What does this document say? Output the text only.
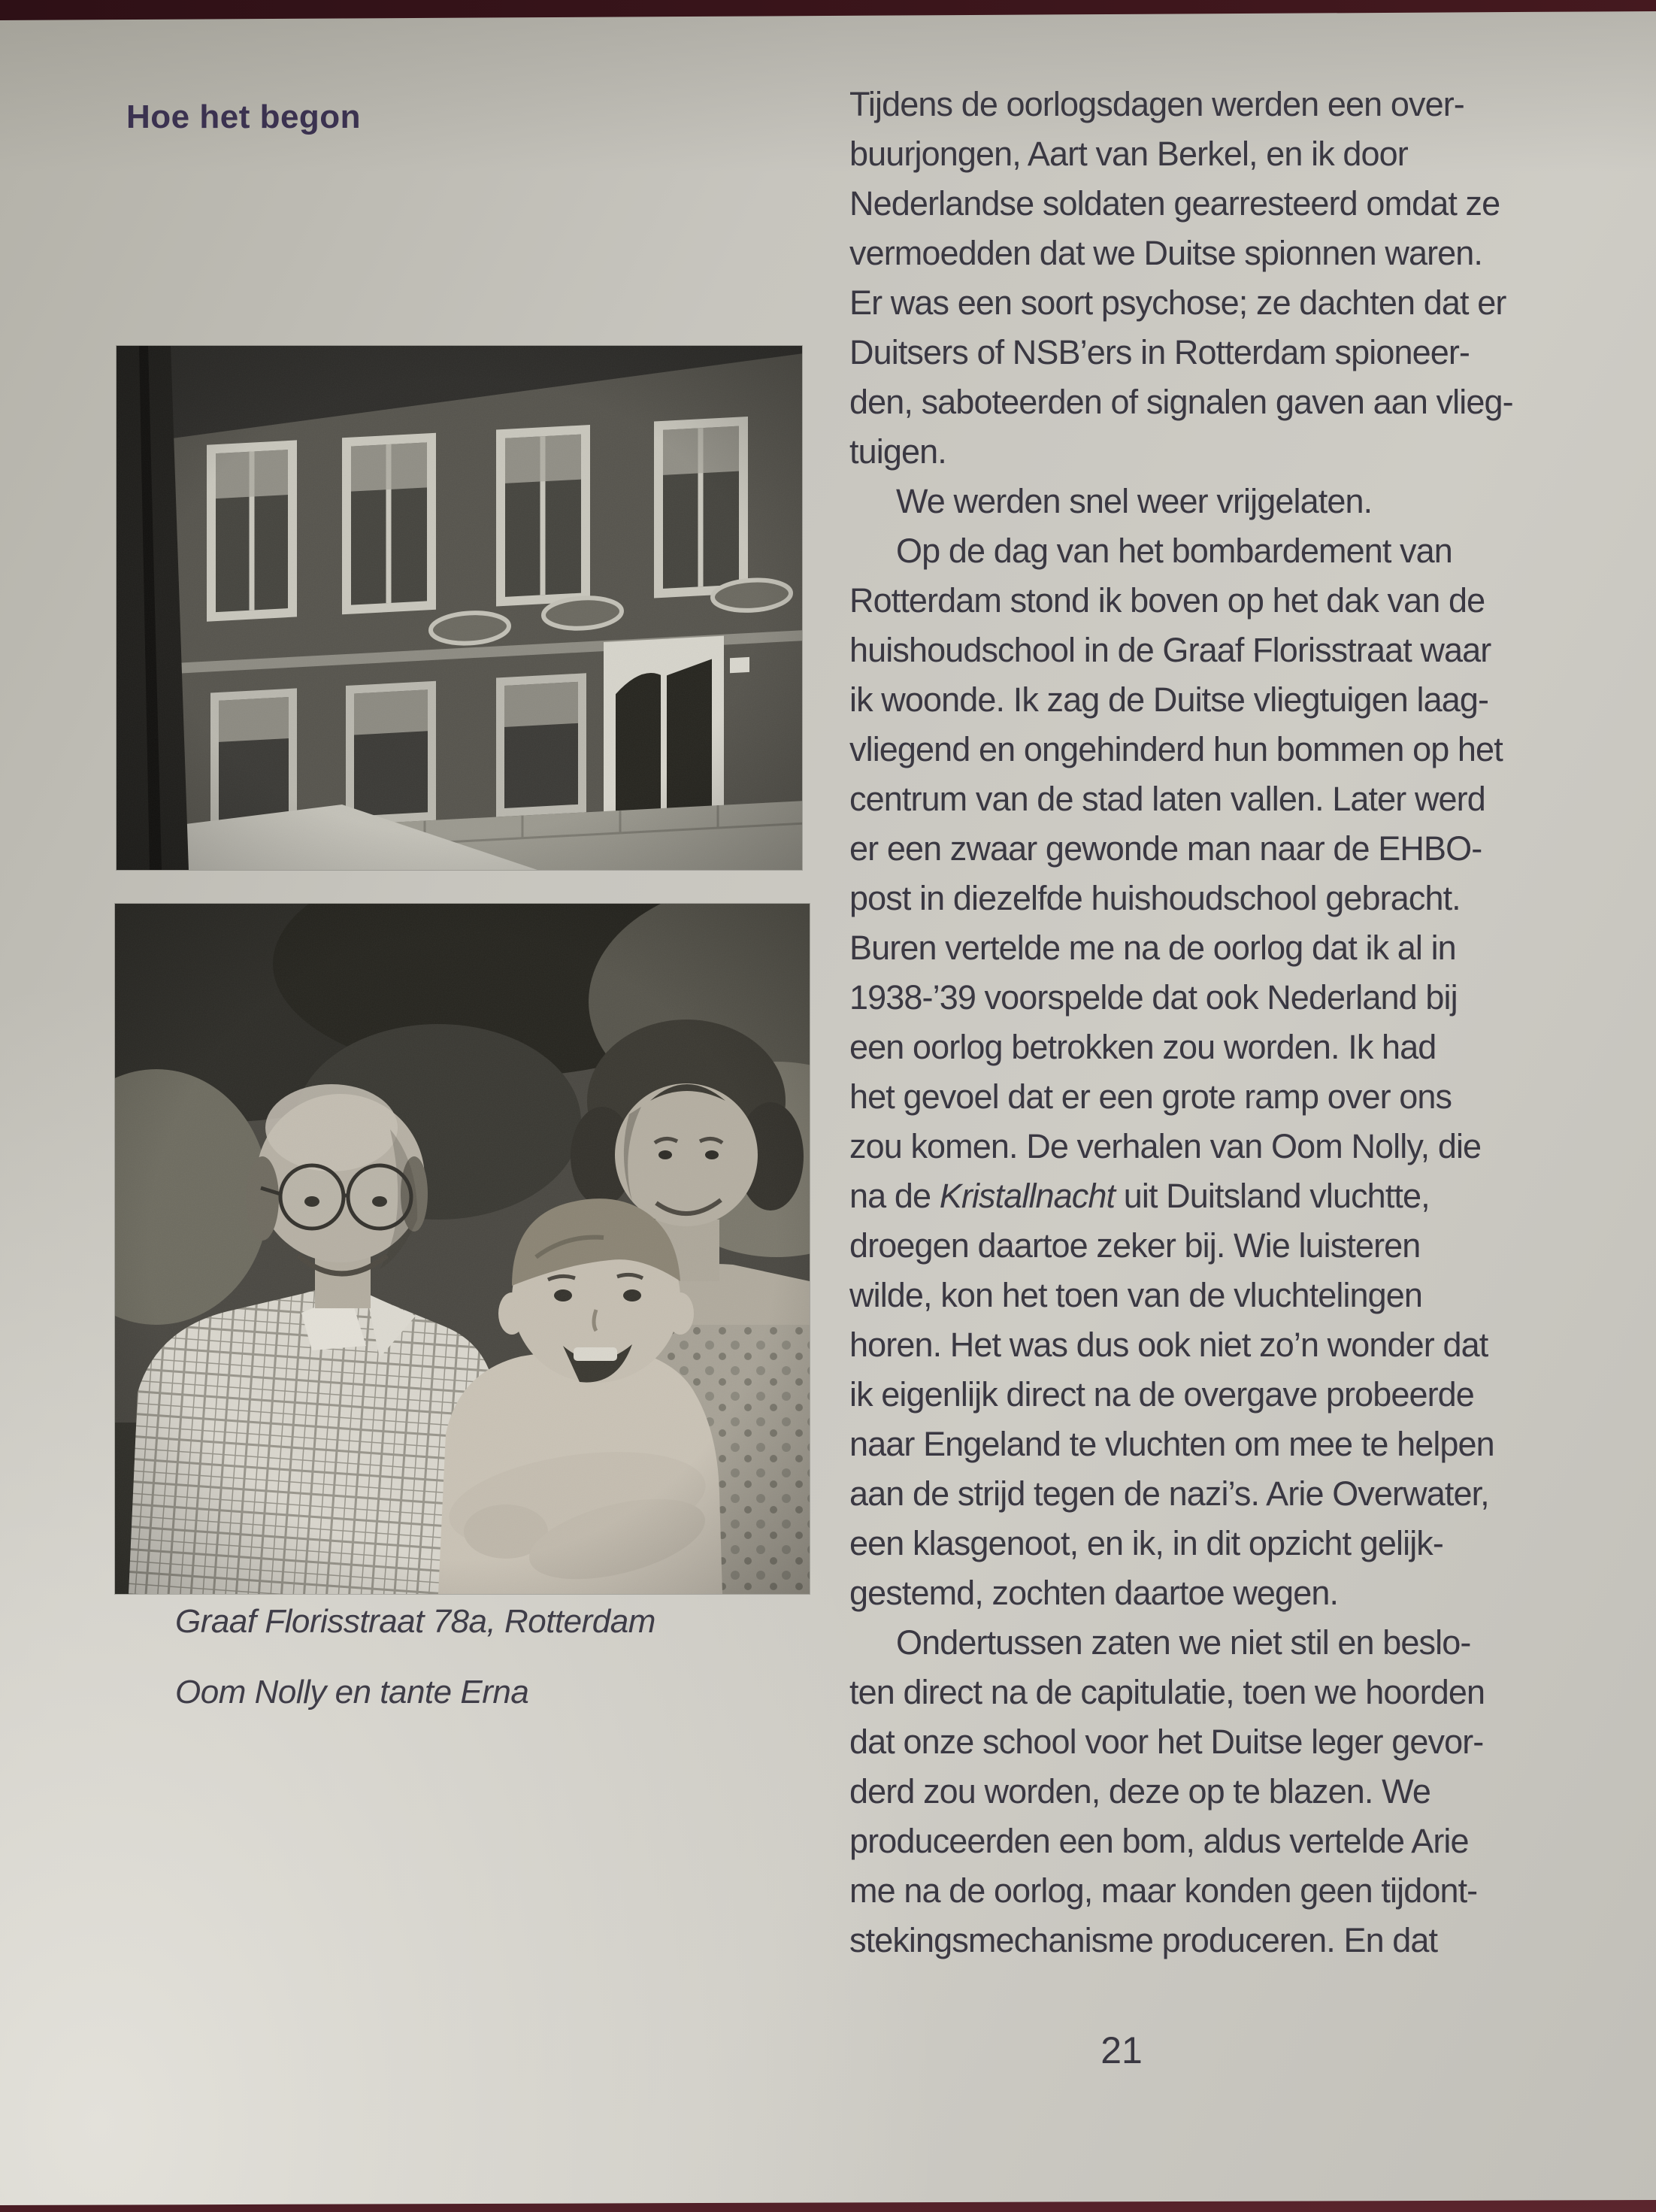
Hoe het begon
Graaf Florisstraat 78a, Rotterdam
Oom Nolly en tante Erna
Tijdens de oorlogsdagen werden een over-
buurjongen, Aart van Berkel, en ik door
Nederlandse soldaten gearresteerd omdat ze
vermoedden dat we Duitse spionnen waren.
Er was een soort psychose; ze dachten dat er
Duitsers of NSB’ers in Rotterdam spioneer-
den, saboteerden of signalen gaven aan vlieg-
tuigen.
We werden snel weer vrijgelaten.
Op de dag van het bombardement van
Rotterdam stond ik boven op het dak van de
huishoudschool in de Graaf Florisstraat waar
ik woonde. Ik zag de Duitse vliegtuigen laag-
vliegend en ongehinderd hun bommen op het
centrum van de stad laten vallen. Later werd
er een zwaar gewonde man naar de EHBO-
post in diezelfde huishoudschool gebracht.
Buren vertelde me na de oorlog dat ik al in
1938-’39 voorspelde dat ook Nederland bij
een oorlog betrokken zou worden. Ik had
het gevoel dat er een grote ramp over ons
zou komen. De verhalen van Oom Nolly, die
na de Kristallnacht uit Duitsland vluchtte,
droegen daartoe zeker bij. Wie luisteren
wilde, kon het toen van de vluchtelingen
horen. Het was dus ook niet zo’n wonder dat
ik eigenlijk direct na de overgave probeerde
naar Engeland te vluchten om mee te helpen
aan de strijd tegen de nazi’s. Arie Overwater,
een klasgenoot, en ik, in dit opzicht gelijk-
gestemd, zochten daartoe wegen.
Ondertussen zaten we niet stil en beslo-
ten direct na de capitulatie, toen we hoorden
dat onze school voor het Duitse leger gevor-
derd zou worden, deze op te blazen. We
produceerden een bom, aldus vertelde Arie
me na de oorlog, maar konden geen tijdont-
stekingsmechanisme produceren. En dat
21
